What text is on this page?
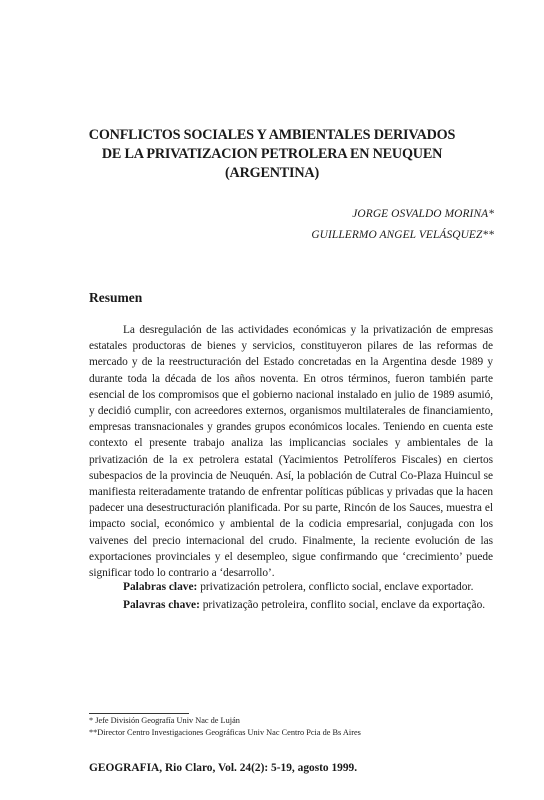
CONFLICTOS SOCIALES Y AMBIENTALES DERIVADOS
DE LA PRIVATIZACION PETROLERA EN NEUQUEN
(ARGENTINA)
JORGE OSVALDO MORINA*
GUILLERMO ANGEL VELÁSQUEZ**
Resumen

La desregulación de las actividades económicas y la privatización de empresas estatales productoras de bienes y servicios, constituyeron pilares de las reformas de mercado y de la reestructuración del Estado concretadas en la Argentina desde 1989 y durante toda la década de los años noventa. En otros términos, fueron también parte esencial de los compromisos que el gobierno nacional instalado en julio de 1989 asumió, y decidió cumplir, con acreedores externos, organismos multilaterales de financiamiento, empresas transnacionales y grandes grupos económicos locales. Teniendo en cuenta este contexto el presente trabajo analiza las implicancias sociales y ambientales de la privatización de la ex petrolera estatal (Yacimientos Petrolíferos Fiscales) en ciertos subespacios de la provincia de Neuquén. Así, la población de Cutral Co-Plaza Huincul se manifiesta reiteradamente tratando de enfrentar políticas públicas y privadas que la hacen padecer una desestructuración planificada. Por su parte, Rincón de los Sauces, muestra el impacto social, económico y ambiental de la codicia empresarial, conjugada con los vaivenes del precio internacional del crudo. Finalmente, la reciente evolución de las exportaciones provinciales y el desempleo, sigue confirmando que ‘crecimiento’ puede significar todo lo contrario a ‘desarrollo’.

Palabras clave: privatización petrolera, conflicto social, enclave exportador.
Palavras chave: privatização petroleira, conflito social, enclave da exportação.
* Jefe División Geografía Univ Nac de Luján
**Director Centro Investigaciones Geográficas Univ Nac Centro Pcia de Bs Aires
GEOGRAFIA, Rio Claro, Vol. 24(2): 5-19, agosto 1999.
